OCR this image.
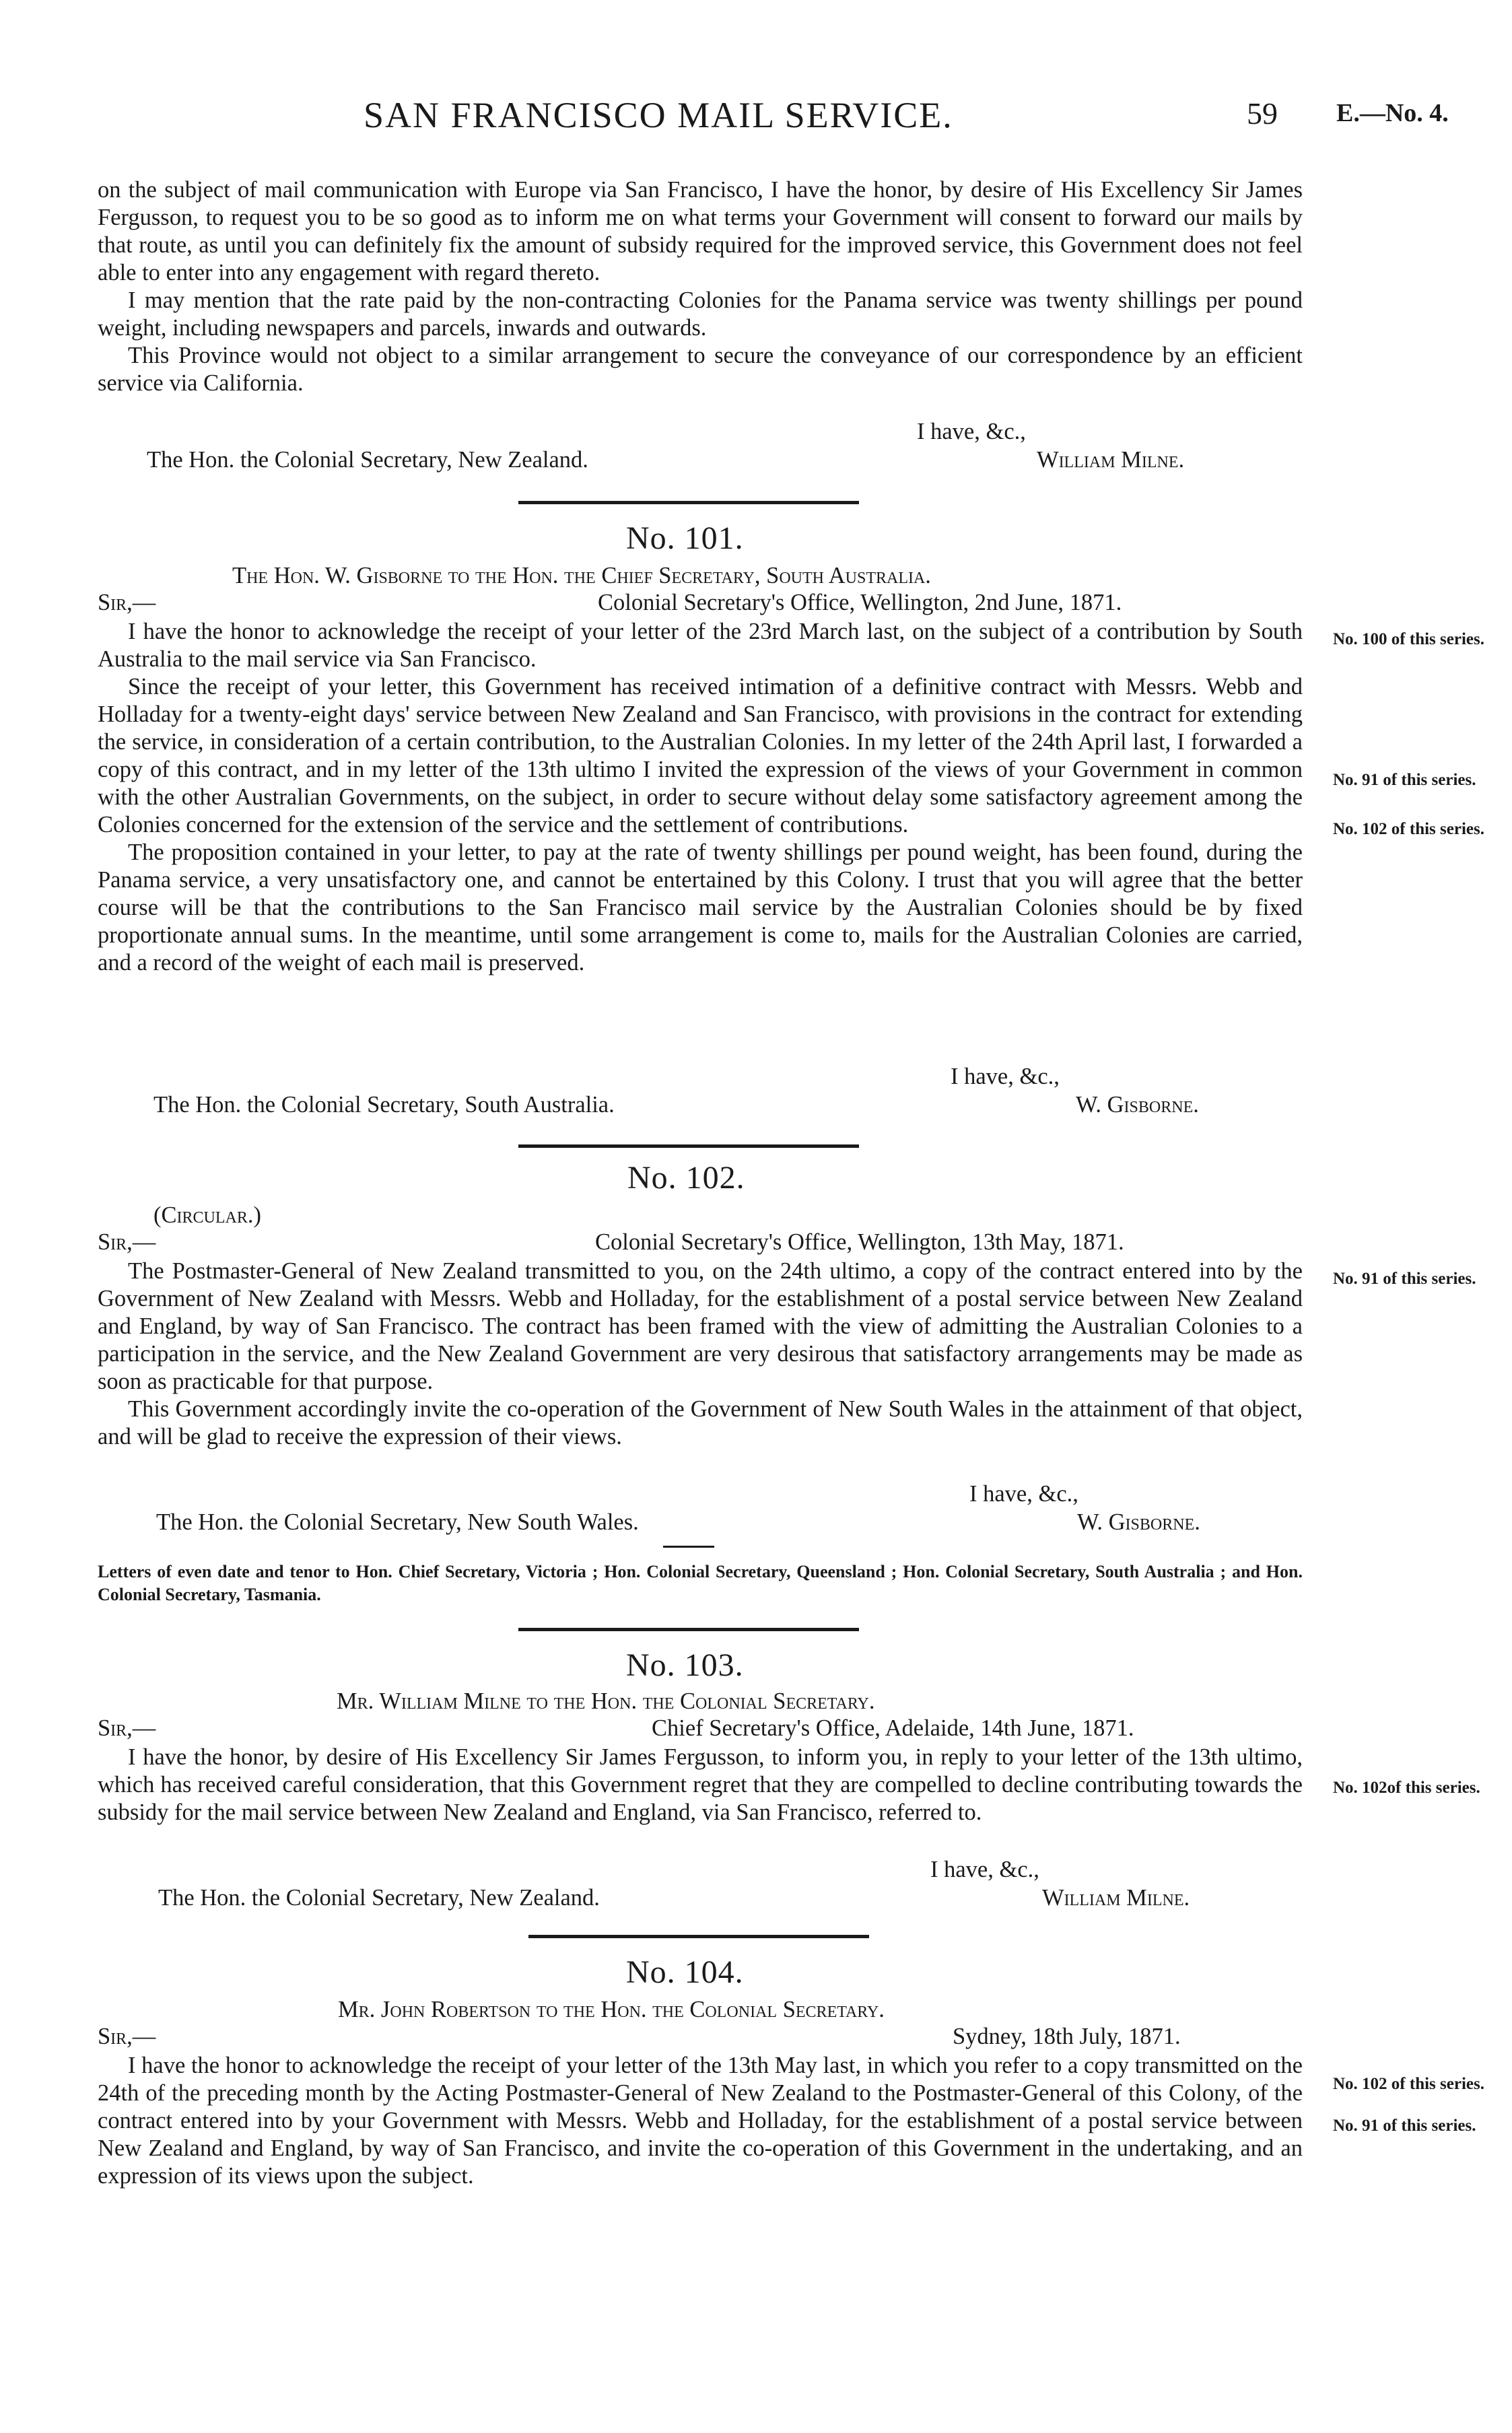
SAN FRANCISCO MAIL SERVICE.	59 E.—No. 4.

on the subject of mail communication with Europe via San Francisco, I have the honor, by desire of His Excellency Sir James Fergusson, to request you to be so good as to inform me on what terms your Government will consent to forward our mails by that route, as until you can definitely fix the amount of subsidy required for the improved service, this Government does not feel able to enter into any engagement with regard thereto.

I may mention that the rate paid by the non-contracting Colonies for the Panama service was twenty shillings per pound weight, including newspapers and parcels, inwards and outwards.

This Province would not object to a similar arrangement to secure the conveyance of our correspondence by an efficient service via California.

I have, &c.,
The Hon. the Colonial Secretary, New Zealand.	William Milne.
No. 101.
The Hon. W. Gisborne to the Hon. the Chief Secretary, South Australia.
Sir,—	Colonial Secretary's Office, Wellington, 2nd June, 1871.

I have the honor to acknowledge the receipt of your letter of the 23rd March last, on the subject of a contribution by South Australia to the mail service via San Francisco.

Since the receipt of your letter, this Government has received intimation of a definitive contract with Messrs. Webb and Holladay for a twenty-eight days' service between New Zealand and San Francisco, with provisions in the contract for extending the service, in consideration of a certain contribution, to the Australian Colonies. In my letter of the 24th April last, I forwarded a copy of this contract, and in my letter of the 13th ultimo I invited the expression of the views of your Government in common with the other Australian Governments, on the subject, in order to secure without delay some satisfactory agreement among the Colonies concerned for the extension of the service and the settlement of contributions.

The proposition contained in your letter, to pay at the rate of twenty shillings per pound weight, has been found, during the Panama service, a very unsatisfactory one, and cannot be entertained by this Colony. I trust that you will agree that the better course will be that the contributions to the San Francisco mail service by the Australian Colonies should be by fixed proportionate annual sums. In the meantime, until some arrangement is come to, mails for the Australian Colonies are carried, and a record of the weight of each mail is preserved.

I have, &c.,
The Hon. the Colonial Secretary, South Australia.	W. Gisborne.
No. 100 of this series.
No. 91 of this series.
No. 102 of this series.
No. 102.
(Circular.)
Sir,—	Colonial Secretary's Office, Wellington, 13th May, 1871.

The Postmaster-General of New Zealand transmitted to you, on the 24th ultimo, a copy of the contract entered into by the Government of New Zealand with Messrs. Webb and Holladay, for the establishment of a postal service between New Zealand and England, by way of San Francisco. The contract has been framed with the view of admitting the Australian Colonies to a participation in the service, and the New Zealand Government are very desirous that satisfactory arrangements may be made as soon as practicable for that purpose.

This Government accordingly invite the co-operation of the Government of New South Wales in the attainment of that object, and will be glad to receive the expression of their views.

I have, &c.,
The Hon. the Colonial Secretary, New South Wales.	W. Gisborne.
No. 91 of this series.
Letters of even date and tenor to Hon. Chief Secretary, Victoria ; Hon. Colonial Secretary, Queensland ; Hon. Colonial Secretary, South Australia ; and Hon. Colonial Secretary, Tasmania.
No. 103.
Mr. William Milne to the Hon. the Colonial Secretary.
Sir,—	Chief Secretary's Office, Adelaide, 14th June, 1871.

I have the honor, by desire of His Excellency Sir James Fergusson, to inform you, in reply to your letter of the 13th ultimo, which has received careful consideration, that this Government regret that they are compelled to decline contributing towards the subsidy for the mail service between New Zealand and England, via San Francisco, referred to.

I have, &c.,
The Hon. the Colonial Secretary, New Zealand.	William Milne.
No. 102of this series.
No. 104.
Mr. John Robertson to the Hon. the Colonial Secretary.
Sir,—	Sydney, 18th July, 1871.

I have the honor to acknowledge the receipt of your letter of the 13th May last, in which you refer to a copy transmitted on the 24th of the preceding month by the Acting Postmaster-General of New Zealand to the Postmaster-General of this Colony, of the contract entered into by your Government with Messrs. Webb and Holladay, for the establishment of a postal service between New Zealand and England, by way of San Francisco, and invite the co-operation of this Government in the undertaking, and an expression of its views upon the subject.

No. 102 of this series.
No. 91 of this series.
